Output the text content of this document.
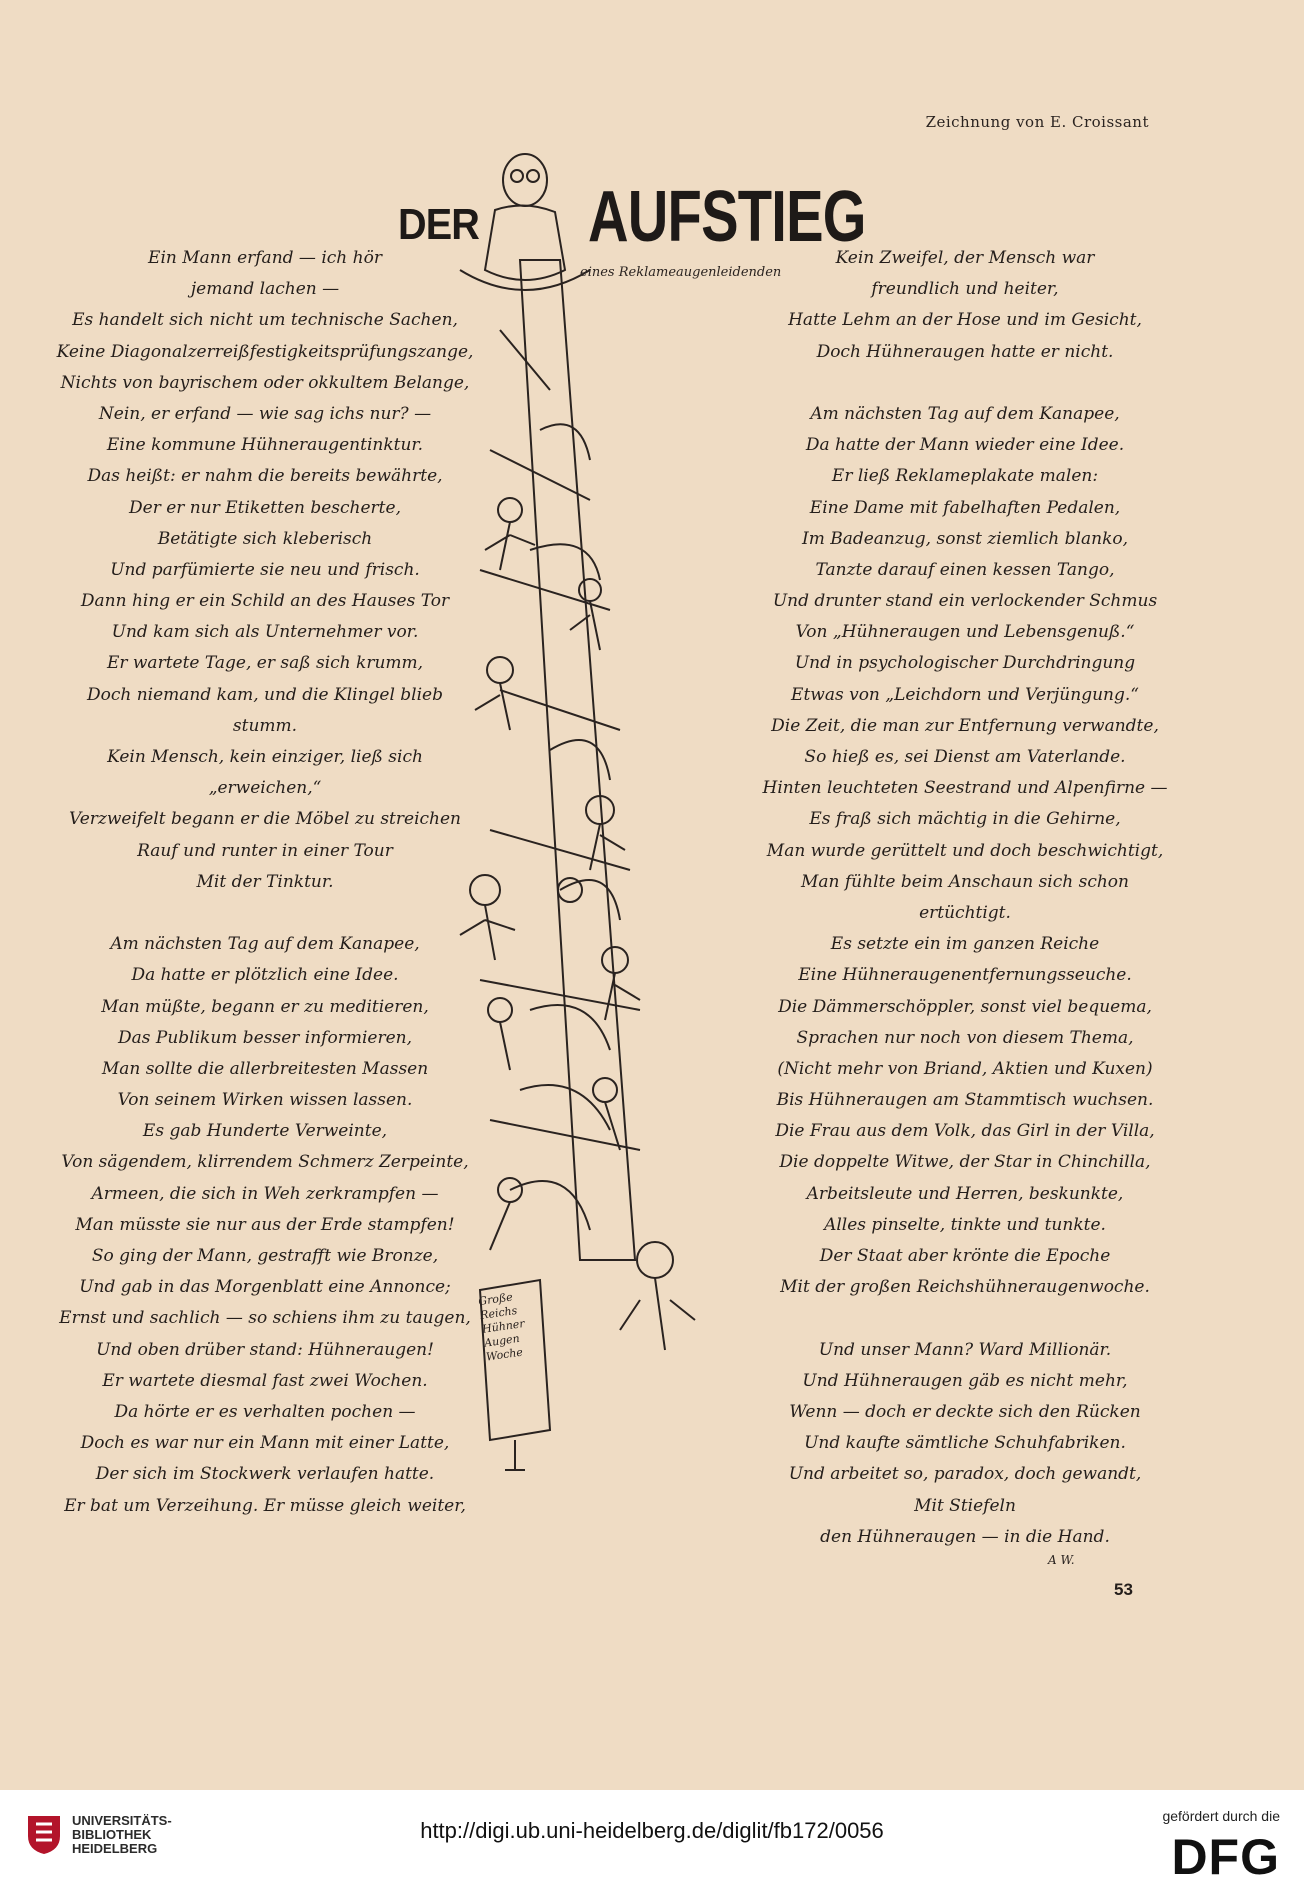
Zeichnung von E. Croissant
DER AUFSTIEG
eines Reklameaugenleidenden
Ein Mann erfand — ich hör
jemand lachen —
Es handelt sich nicht um technische Sachen,
Keine Diagonalzerreißfestigkeitsprüfungszange,
Nichts von bayrischem oder okkultem Belange,
Nein, er erfand — wie sag ichs nur? —
Eine kommune Hühneraugentinktur.
Das heißt: er nahm die bereits bewährte,
Der er nur Etiketten bescherte,
Betätigte sich kleberisch
Und parfümierte sie neu und frisch.
Dann hing er ein Schild an des Hauses Tor
Und kam sich als Unternehmer vor.
Er wartete Tage, er saß sich krumm,
Doch niemand kam, und die Klingel blieb
stumm.
Kein Mensch, kein einziger, ließ sich
„erweichen,“
Verzweifelt begann er die Möbel zu streichen
Rauf und runter in einer Tour
Mit der Tinktur.
Am nächsten Tag auf dem Kanapee,
Da hatte er plötzlich eine Idee.
Man müßte, begann er zu meditieren,
Das Publikum besser informieren,
Man sollte die allerbreitesten Massen
Von seinem Wirken wissen lassen.
Es gab Hunderte Verweinte,
Von sägendem, klirrendem Schmerz Zerpeinte,
Armeen, die sich in Weh zerkrampfen —
Man müsste sie nur aus der Erde stampfen!
So ging der Mann, gestrafft wie Bronze,
Und gab in das Morgenblatt eine Annonce;
Ernst und sachlich — so schiens ihm zu taugen,
Und oben drüber stand: Hühneraugen!
Er wartete diesmal fast zwei Wochen.
Da hörte er es verhalten pochen —
Doch es war nur ein Mann mit einer Latte,
Der sich im Stockwerk verlaufen hatte.
Er bat um Verzeihung. Er müsse gleich weiter,
Kein Zweifel, der Mensch war
freundlich und heiter,
Hatte Lehm an der Hose und im Gesicht,
Doch Hühneraugen hatte er nicht.
Am nächsten Tag auf dem Kanapee,
Da hatte der Mann wieder eine Idee.
Er ließ Reklameplakate malen:
Eine Dame mit fabelhaften Pedalen,
Im Badeanzug, sonst ziemlich blanko,
Tanzte darauf einen kessen Tango,
Und drunter stand ein verlockender Schmus
Von „Hühneraugen und Lebensgenuß.“
Und in psychologischer Durchdringung
Etwas von „Leichdorn und Verjüngung.“
Die Zeit, die man zur Entfernung verwandte,
So hieß es, sei Dienst am Vaterlande.
Hinten leuchteten Seestrand und Alpenfirne —
Es fraß sich mächtig in die Gehirne,
Man wurde gerüttelt und doch beschwichtigt,
Man fühlte beim Anschaun sich schon
ertüchtigt.
Es setzte ein im ganzen Reiche
Eine Hühneraugenentfernungsseuche.
Die Dämmerschöppler, sonst viel bequema,
Sprachen nur noch von diesem Thema,
(Nicht mehr von Briand, Aktien und Kuxen)
Bis Hühneraugen am Stammtisch wuchsen.
Die Frau aus dem Volk, das Girl in der Villa,
Die doppelte Witwe, der Star in Chinchilla,
Arbeitsleute und Herren, beskunkte,
Alles pinselte, tinkte und tunkte.
Der Staat aber krönte die Epoche
Mit der großen Reichshühneraugenwoche.
Und unser Mann? Ward Millionär.
Und Hühneraugen gäb es nicht mehr,
Wenn — doch er deckte sich den Rücken
Und kaufte sämtliche Schuhfabriken.
Und arbeitet so, paradox, doch gewandt,
Mit Stiefeln
den Hühneraugen — in die Hand.
A W.
53
Große Reichs Hühner Augen Woche
UNIVERSITÄTS-
BIBLIOTHEK
HEIDELBERG
http://digi.ub.uni-heidelberg.de/diglit/fb172/0056
gefördert durch die
DFG
